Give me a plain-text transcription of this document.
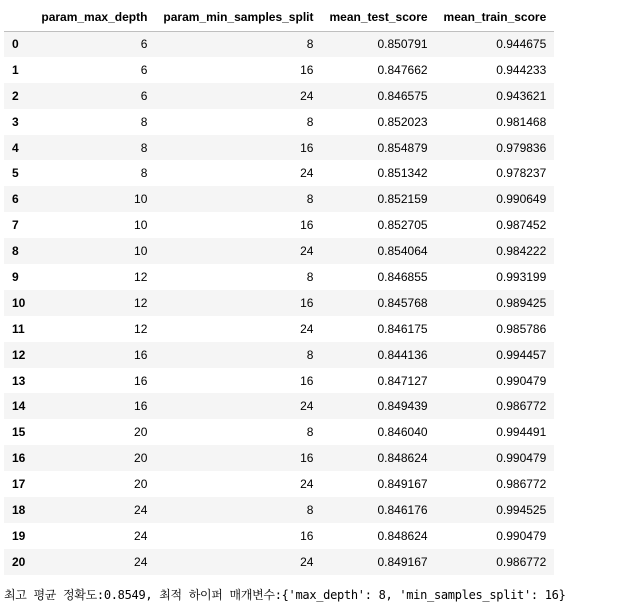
	param_max_depth	param_min_samples_split	mean_test_score	mean_train_score
0	6	8	0.850791	0.944675
1	6	16	0.847662	0.944233
2	6	24	0.846575	0.943621
3	8	8	0.852023	0.981468
4	8	16	0.854879	0.979836
5	8	24	0.851342	0.978237
6	10	8	0.852159	0.990649
7	10	16	0.852705	0.987452
8	10	24	0.854064	0.984222
9	12	8	0.846855	0.993199
10	12	16	0.845768	0.989425
11	12	24	0.846175	0.985786
12	16	8	0.844136	0.994457
13	16	16	0.847127	0.990479
14	16	24	0.849439	0.986772
15	20	8	0.846040	0.994491
16	20	16	0.848624	0.990479
17	20	24	0.849167	0.986772
18	24	8	0.846176	0.994525
19	24	16	0.848624	0.990479
20	24	24	0.849167	0.986772
최고 평균 정확도:0.8549, 최적 하이퍼 매개변수:{'max_depth': 8, 'min_samples_split': 16}
